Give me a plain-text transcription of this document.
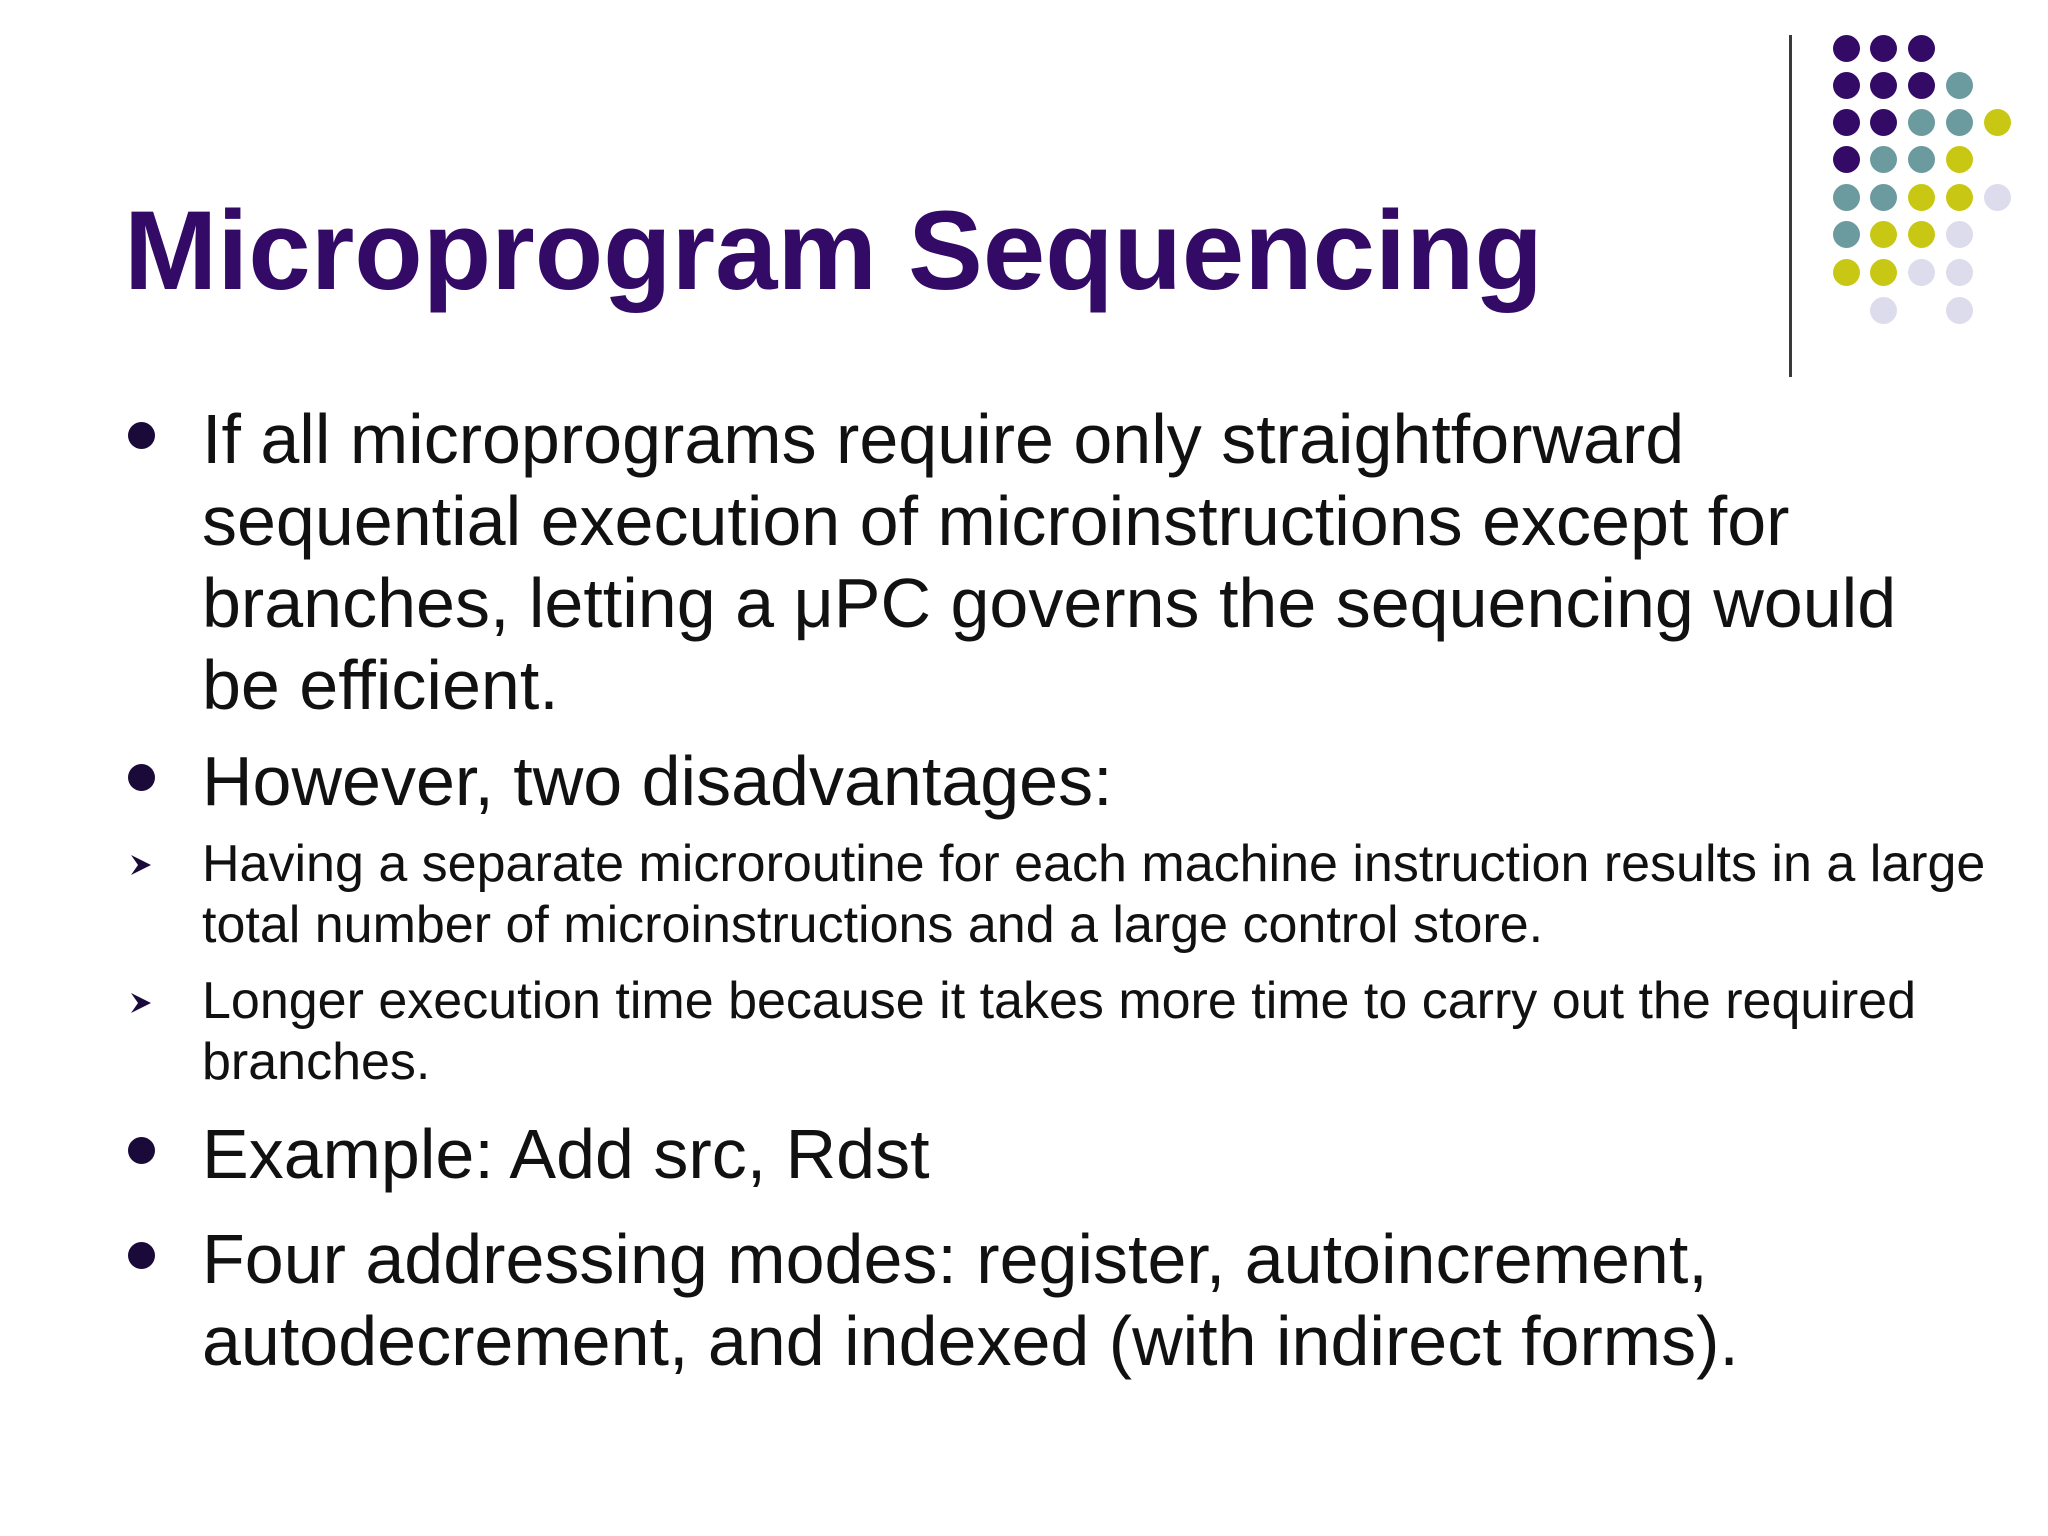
Microprogram Sequencing

If all microprograms require only straightforward sequential execution of microinstructions except for branches, letting a μPC governs the sequencing would be efficient.

However, two disadvantages:

Having a separate microroutine for each machine instruction results in a large total number of microinstructions and a large control store.

Longer execution time because it takes more time to carry out the required branches.

Example: Add src, Rdst

Four addressing modes: register, autoincrement, autodecrement, and indexed (with indirect forms).
